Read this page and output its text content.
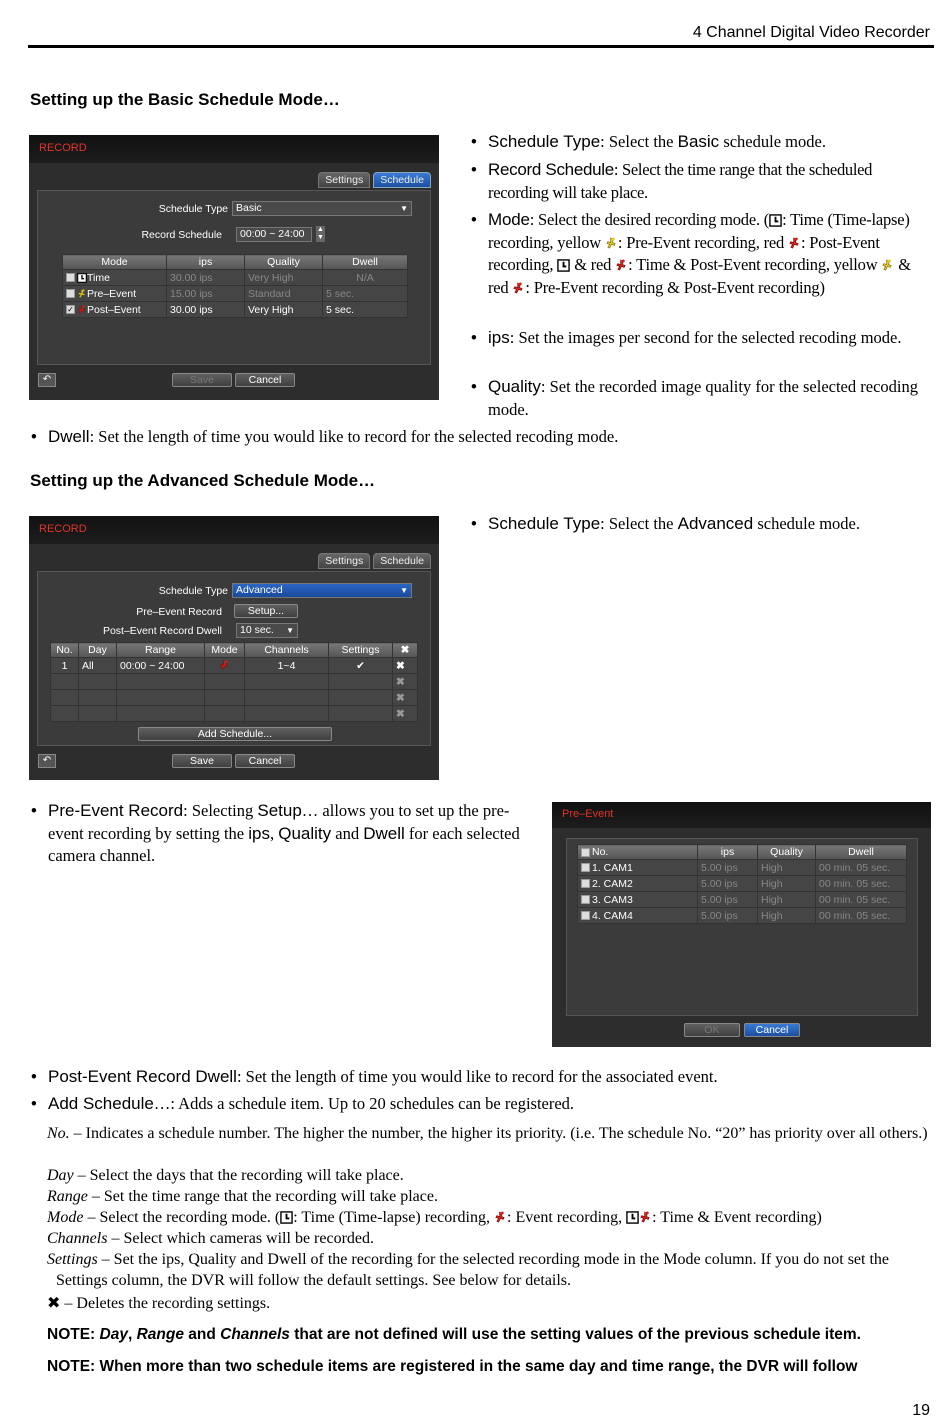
4 Channel Digital Video Recorder
Setting up the Basic Schedule Mode…
RECORD
Settings	Schedule
Schedule Type Basic	▼
Record Schedule	00:00 ~ 24:00	▲
▼
Mode	ips	Quality	Dwell
Time	30.00 ips	Very High	N/A
Pre–Event	15.00 ips	Standard	5 sec.
✓ Post–Event	30.00 ips	Very High	5 sec.
↶	Save	Cancel
• Schedule Type: Select the Basic schedule mode.
• Record Schedule: Select the time range that the scheduled recording will take place.
• Mode: Select the desired recording mode. ( : Time (Time-lapse) recording, yellow : Pre-Event recording, red : Post-Event recording,  & red : Time & Post-Event recording, yellow  & red : Pre-Event recording & Post-Event recording)
• ips: Set the images per second for the selected recoding mode.
• Quality: Set the recorded image quality for the selected recoding mode.
• Dwell: Set the length of time you would like to record for the selected recoding mode.
Setting up the Advanced Schedule Mode…
RECORD
Settings	Schedule
Schedule Type Advanced	▼
Pre–Event Record	Setup...
Post–Event Record Dwell	10 sec. ▼
No.	Day	Range	Mode	Channels	Settings	✖
1	All	00:00 ~ 24:00		1~4	✔	✖
						✖
						✖
						✖
Add Schedule...
↶	Save	Cancel
• Schedule Type: Select the Advanced schedule mode.
• Pre-Event Record: Selecting Setup… allows you to set up the pre-event recording by setting the ips, Quality and Dwell for each selected camera channel.
Pre–Event
No.	ips	Quality	Dwell
1. CAM1	5.00 ips	High	00 min. 05 sec.
2. CAM2	5.00 ips	High	00 min. 05 sec.
3. CAM3	5.00 ips	High	00 min. 05 sec.
4. CAM4	5.00 ips	High	00 min. 05 sec.
OK	Cancel
• Post-Event Record Dwell: Set the length of time you would like to record for the associated event.
• Add Schedule…: Adds a schedule item. Up to 20 schedules can be registered.
No. – Indicates a schedule number. The higher the number, the higher its priority. (i.e. The schedule No. “20” has priority over all others.)
Day – Select the days that the recording will take place.
Range – Set the time range that the recording will take place.
Mode – Select the recording mode. ( : Time (Time-lapse) recording, : Event recording, : Time & Event recording)
Channels – Select which cameras will be recorded.
Settings – Set the ips, Quality and Dwell of the recording for the selected recording mode in the Mode column. If you do not set the Settings column, the DVR will follow the default settings. See below for details.
✖ – Deletes the recording settings.
NOTE: Day, Range and Channels that are not defined will use the setting values of the previous schedule item.
NOTE: When more than two schedule items are registered in the same day and time range, the DVR will follow
19
